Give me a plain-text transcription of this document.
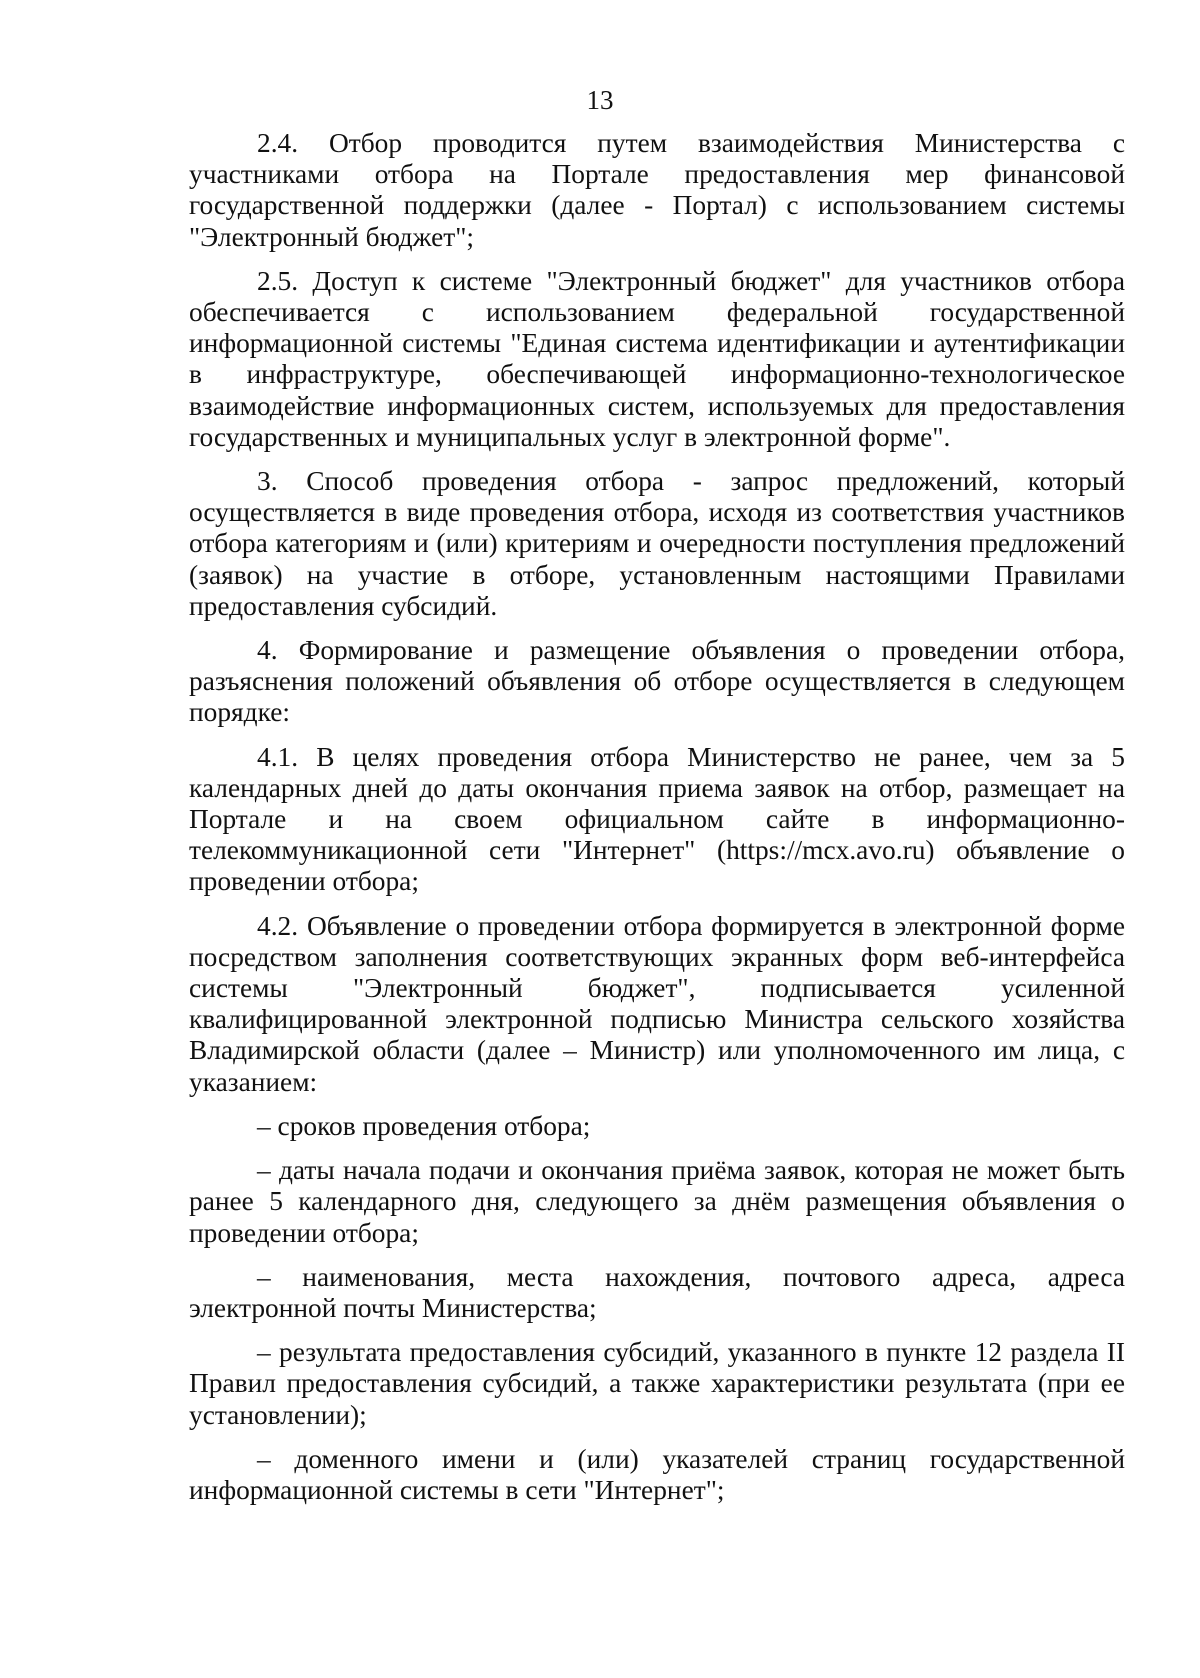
13

2.4. Отбор проводится путем взаимодействия Министерства с участниками отбора на Портале предоставления мер финансовой государственной поддержки (далее - Портал) с использованием системы "Электронный бюджет";

2.5. Доступ к системе "Электронный бюджет" для участников отбора обеспечивается с использованием федеральной государственной информационной системы "Единая система идентификации и аутентификации в инфраструктуре, обеспечивающей информационно-технологическое взаимодействие информационных систем, используемых для предоставления государственных и муниципальных услуг в электронной форме".

3. Способ проведения отбора - запрос предложений, который осуществляется в виде проведения отбора, исходя из соответствия участников отбора категориям и (или) критериям и очередности поступления предложений (заявок) на участие в отборе, установленным настоящими Правилами предоставления субсидий.

4. Формирование и размещение объявления о проведении отбора, разъяснения положений объявления об отборе осуществляется в следующем порядке:

4.1. В целях проведения отбора Министерство не ранее, чем за 5 календарных дней до даты окончания приема заявок на отбор, размещает на Портале и на своем официальном сайте в информационно-телекоммуникационной сети "Интернет" (https://mcx.avo.ru) объявление о проведении отбора;

4.2. Объявление о проведении отбора формируется в электронной форме посредством заполнения соответствующих экранных форм веб-интерфейса системы "Электронный бюджет", подписывается усиленной квалифицированной электронной подписью Министра сельского хозяйства Владимирской области (далее – Министр) или уполномоченного им лица, с указанием:

– сроков проведения отбора;

– даты начала подачи и окончания приёма заявок, которая не может быть ранее 5 календарного дня, следующего за днём размещения объявления о проведении отбора;

– наименования, места нахождения, почтового адреса, адреса электронной почты Министерства;

– результата предоставления субсидий, указанного в пункте 12 раздела II Правил предоставления субсидий, а также характеристики результата (при ее установлении);

– доменного имени и (или) указателей страниц государственной информационной системы в сети "Интернет";
